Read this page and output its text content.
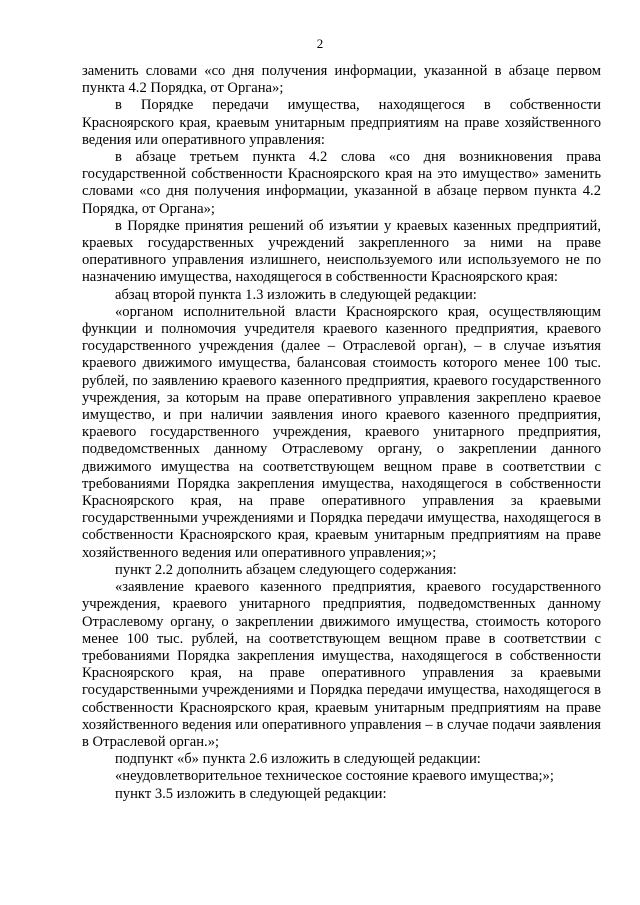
2

заменить словами «со дня получения информации, указанной в абзаце первом пункта 4.2 Порядка, от Органа»;

в Порядке передачи имущества, находящегося в собственности Красноярского края, краевым унитарным предприятиям на праве хозяйственного ведения или оперативного управления:

в абзаце третьем пункта 4.2 слова «со дня возникновения права государственной собственности Красноярского края на это имущество» заменить словами «со дня получения информации, указанной в абзаце первом пункта 4.2 Порядка, от Органа»;

в Порядке принятия решений об изъятии у краевых казенных предприятий, краевых государственных учреждений закрепленного за ними на праве оперативного управления излишнего, неиспользуемого или используемого не по назначению имущества, находящегося в собственности Красноярского края:

абзац второй пункта 1.3 изложить в следующей редакции:

«органом исполнительной власти Красноярского края, осуществляющим функции и полномочия учредителя краевого казенного предприятия, краевого государственного учреждения (далее – Отраслевой орган), – в случае изъятия краевого движимого имущества, балансовая стоимость которого менее 100 тыс. рублей, по заявлению краевого казенного предприятия, краевого государственного учреждения, за которым на праве оперативного управления закреплено краевое имущество, и при наличии заявления иного краевого казенного предприятия, краевого государственного учреждения, краевого унитарного предприятия, подведомственных данному Отраслевому органу, о закреплении данного движимого имущества на соответствующем вещном праве в соответствии с требованиями Порядка закрепления имущества, находящегося в собственности Красноярского края, на праве оперативного управления за краевыми государственными учреждениями и Порядка передачи имущества, находящегося в собственности Красноярского края, краевым унитарным предприятиям на праве хозяйственного ведения или оперативного управления;»;

пункт 2.2 дополнить абзацем следующего содержания:

«заявление краевого казенного предприятия, краевого государственного учреждения, краевого унитарного предприятия, подведомственных данному Отраслевому органу, о закреплении движимого имущества, стоимость которого менее 100 тыс. рублей, на соответствующем вещном праве в соответствии с требованиями Порядка закрепления имущества, находящегося в собственности Красноярского края, на праве оперативного управления за краевыми государственными учреждениями и Порядка передачи имущества, находящегося в собственности Красноярского края, краевым унитарным предприятиям на праве хозяйственного ведения или оперативного управления – в случае подачи заявления в Отраслевой орган.»;

подпункт «б» пункта 2.6 изложить в следующей редакции:

«неудовлетворительное техническое состояние краевого имущества;»;

пункт 3.5 изложить в следующей редакции:
